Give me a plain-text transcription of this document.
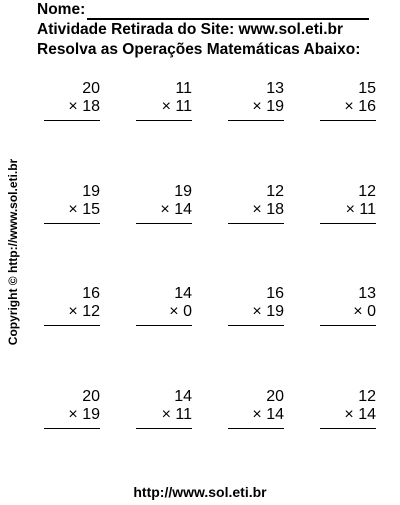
Nome:
Atividade Retirada do Site: www.sol.eti.br
Resolva as Operações Matemáticas Abaixo:
Copyright © http://www.sol.eti.br
20
× 18
11
× 11
13
× 19
15
× 16
19
× 15
19
× 14
12
× 18
12
× 11
16
× 12
14
× 0
16
× 19
13
× 0
20
× 19
14
× 11
20
× 14
12
× 14
http://www.sol.eti.br
